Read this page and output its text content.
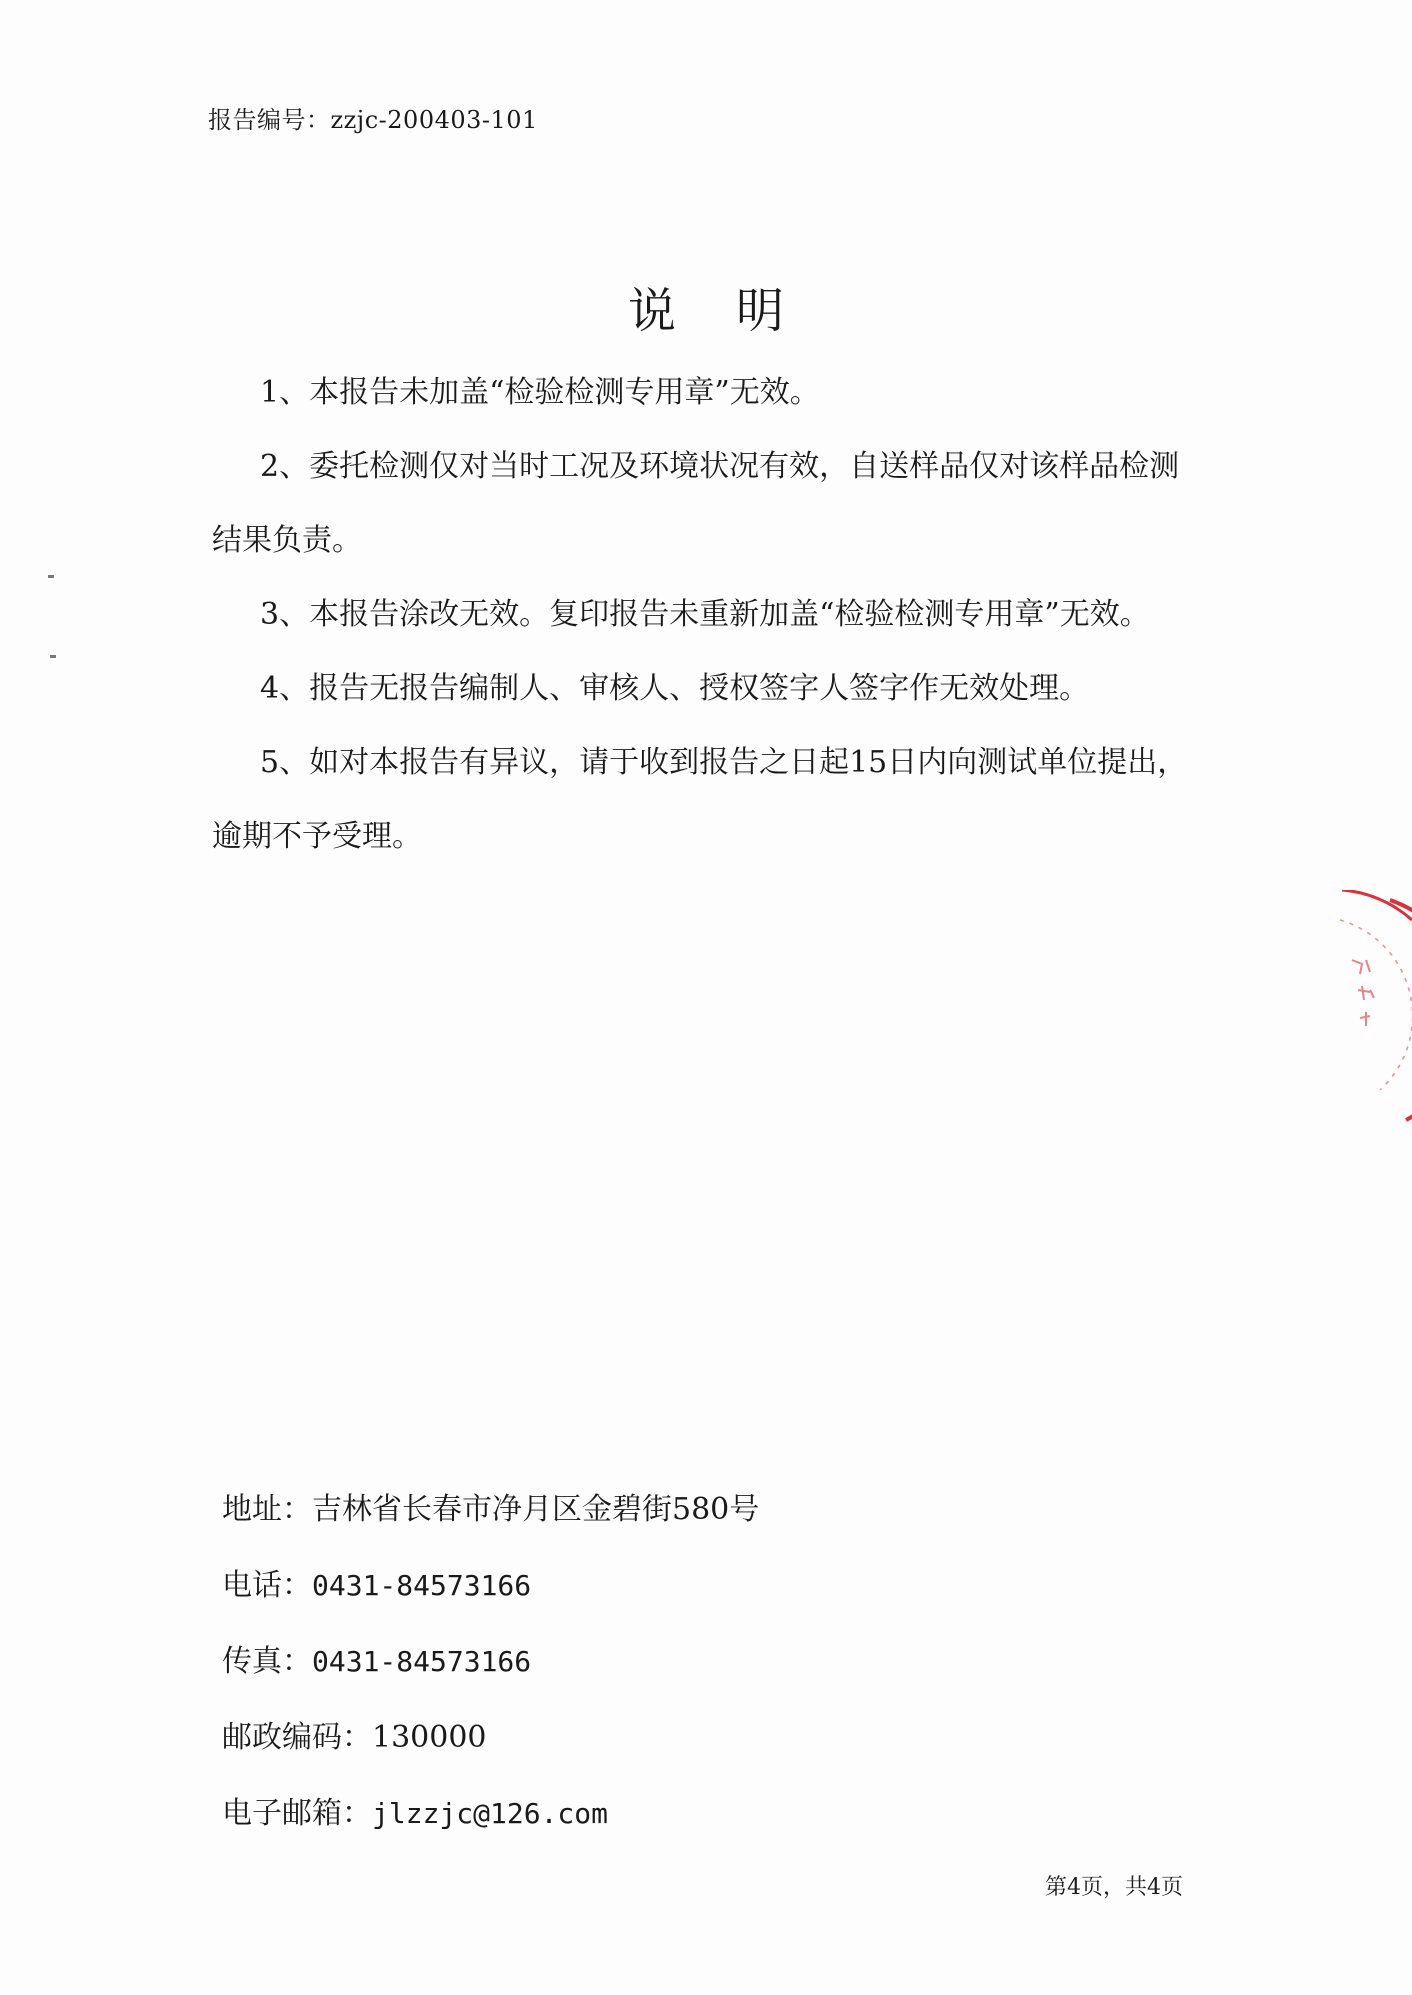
报告编号：zzjc-200403-101
说明

1、本报告未加盖“检验检测专用章”无效。

2、委托检测仅对当时工况及环境状况有效，自送样品仅对该样品检测结果负责。

3、本报告涂改无效。复印报告未重新加盖“检验检测专用章”无效。

4、报告无报告编制人、审核人、授权签字人签字作无效处理。

5、如对本报告有异议，请于收到报告之日起15日内向测试单位提出，逾期不予受理。

地址：吉林省长春市净月区金碧街580号
电话：0431-84573166
传真：0431-84573166
邮政编码：130000
电子邮箱：jlzzjc@126.com
第4页，共4页
